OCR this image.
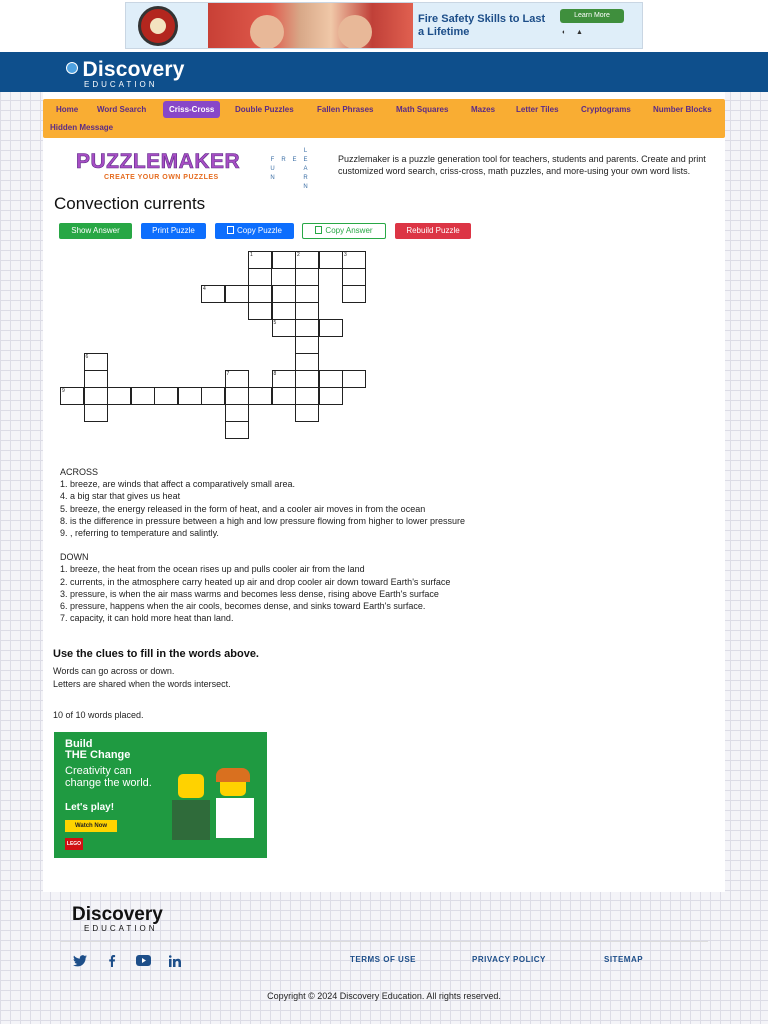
Fire Safety Skills to Last a Lifetime
Learn More
◐     ▲
Discovery
EDUCATION
Home	Word Search	Criss-Cross	Double Puzzles	Fallen Phrases	Math Squares	Mazes	Letter Tiles	Cryptograms	Number Blocks
Hidden Message
PUZZLEMAKER
CREATE YOUR OWN PUZZLES
L
F	R	E	E
U	A
N	R
N
Puzzlemaker is a puzzle generation tool for teachers, students and parents. Create and print customized word search, criss-cross, math puzzles, and more-using your own word lists.
Convection currents
Show Answer	Print Puzzle	Copy Puzzle	Copy Answer	Rebuild Puzzle
1	2	3
4
5
6
7	8
9
ACROSS
1. breeze, are winds that affect a comparatively small area.
4. a big star that gives us heat
5. breeze, the energy released in the form of heat, and a cooler air moves in from the ocean
8. is the difference in pressure between a high and low pressure flowing from higher to lower pressure
9. , referring to temperature and salintly.
DOWN
1. breeze, the heat from the ocean rises up and pulls cooler air from the land
2. currents, in the atmosphere carry heated up air and drop cooler air down toward Earth's surface
3. pressure, is when the air mass warms and becomes less dense, rising above Earth's surface
6. pressure, happens when the air cools, becomes dense, and sinks toward Earth's surface.
7. capacity, it can hold more heat than land.
Use the clues to fill in the words above.

Words can go across or down.

Letters are shared when the words intersect.

10 of 10 words placed.
Build
THE Change
Creativity can change the world.
Let's play!
Watch Now
LEGO
Discovery
EDUCATION
TERMS OF USE	PRIVACY POLICY	SITEMAP
Copyright © 2024 Discovery Education. All rights reserved.
